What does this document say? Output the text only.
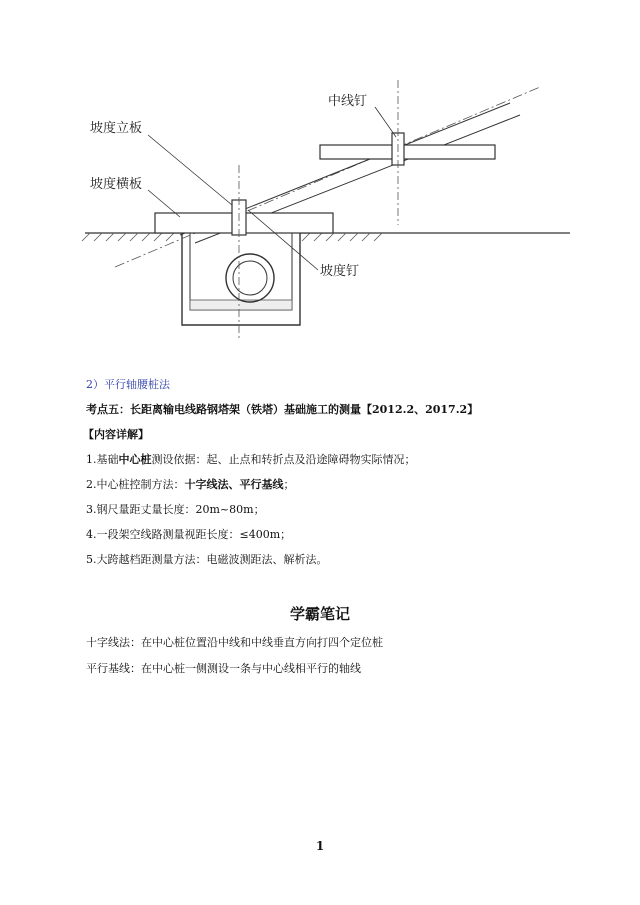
坡度立板
坡度横板
中线钉
坡度钉
2）平行轴腰桩法
考点五：长距离输电线路钢塔架（铁塔）基础施工的测量【2012.2、2017.2】
【内容详解】
1.基础中心桩测设依据：起、止点和转折点及沿途障碍物实际情况；
2.中心桩控制方法：十字线法、平行基线；
3.钢尺量距丈量长度：20m~80m；
4.一段架空线路测量视距长度：≤400m；
5.大跨越档距测量方法：电磁波测距法、解析法。
学霸笔记
十字线法：在中心桩位置沿中线和中线垂直方向打四个定位桩
平行基线：在中心桩一侧测设一条与中心线相平行的轴线
1
